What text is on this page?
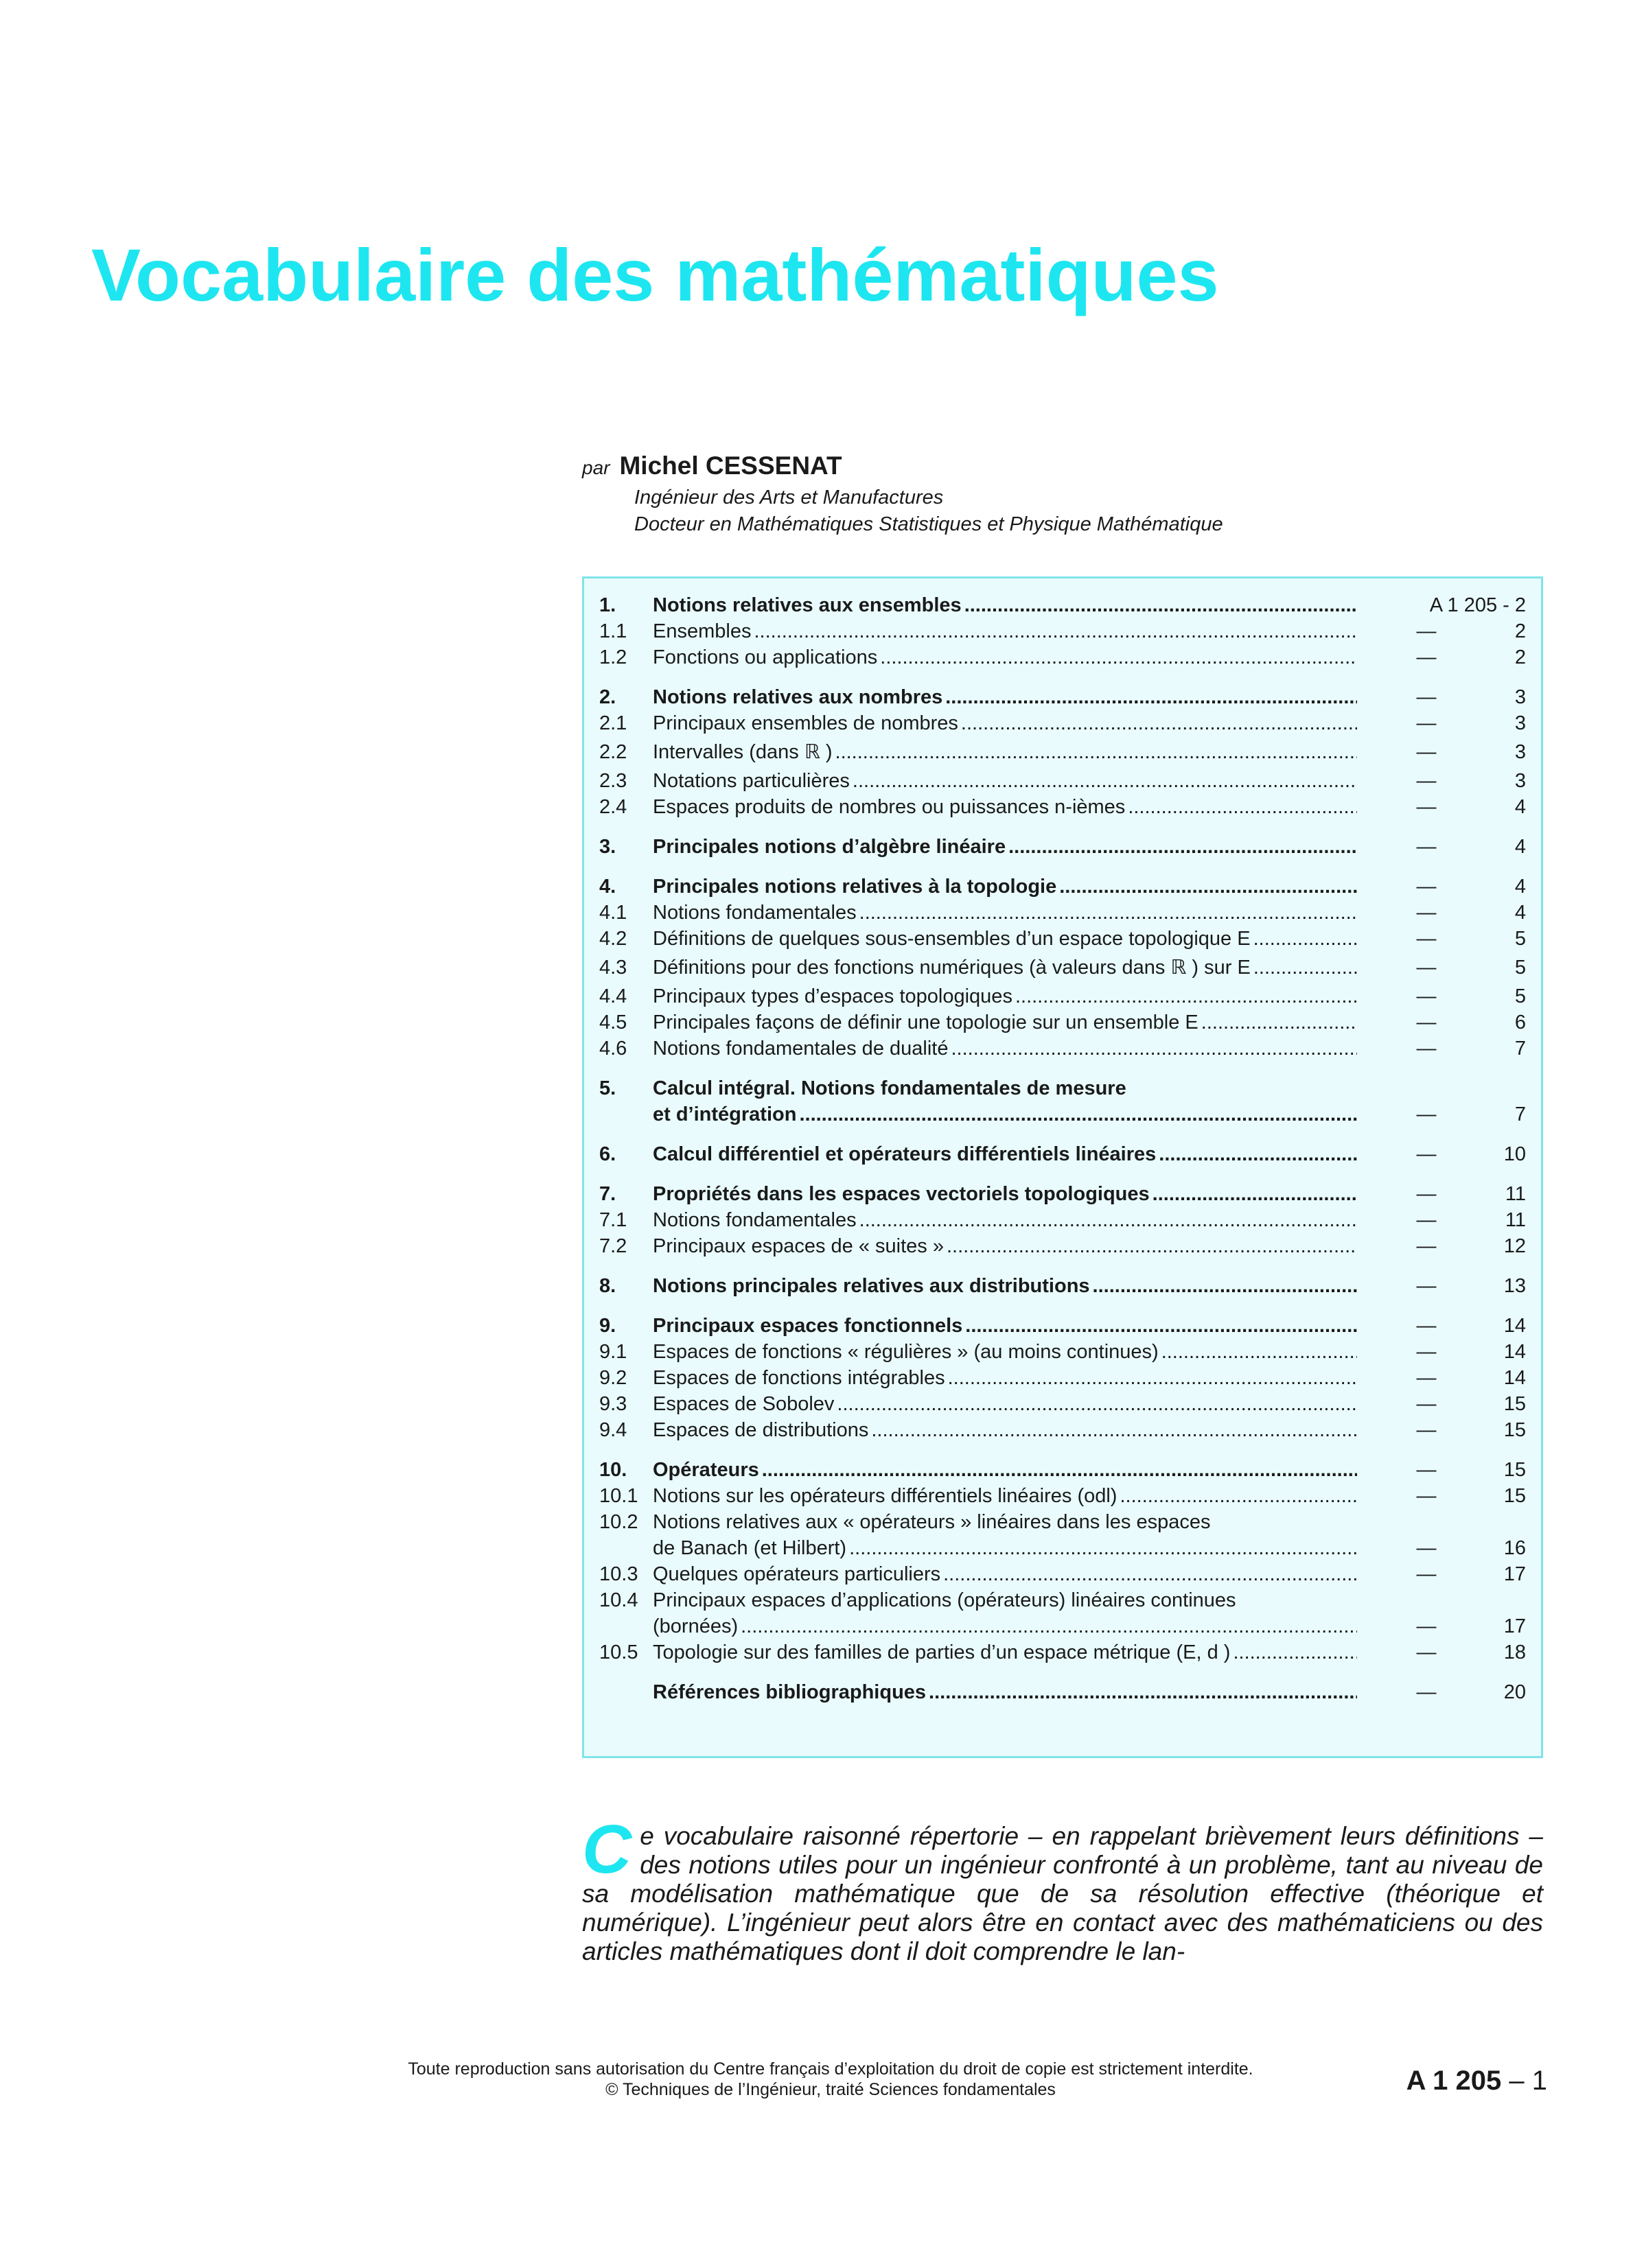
Vocabulaire des mathématiques
par Michel CESSENAT
Ingénieur des Arts et Manufactures
Docteur en Mathématiques Statistiques et Physique Mathématique
1.	Notions relatives aux ensembles .....	A 1 205 - 2
1.1	Ensembles .....	—	2
1.2	Fonctions ou applications .....	—	2
2.	Notions relatives aux nombres .....	—	3
2.1	Principaux ensembles de nombres .....	—	3
2.2	Intervalles (dans ℝ ) .....	—	3
2.3	Notations particulières .....	—	3
2.4	Espaces produits de nombres ou puissances n-ièmes .....	—	4
3.	Principales notions d’algèbre linéaire .....	—	4
4.	Principales notions relatives à la topologie .....	—	4
4.1	Notions fondamentales .....	—	4
4.2	Définitions de quelques sous-ensembles d’un espace topologique E .....	—	5
4.3	Définitions pour des fonctions numériques (à valeurs dans ℝ ) sur E .....	—	5
4.4	Principaux types d’espaces topologiques .....	—	5
4.5	Principales façons de définir une topologie sur un ensemble E .....	—	6
4.6	Notions fondamentales de dualité .....	—	7
5.	Calcul intégral. Notions fondamentales de mesure
et d’intégration .....	—	7
6.	Calcul différentiel et opérateurs différentiels linéaires .....	—	10
7.	Propriétés dans les espaces vectoriels topologiques .....	—	11
7.1	Notions fondamentales .....	—	11
7.2	Principaux espaces de « suites » .....	—	12
8.	Notions principales relatives aux distributions .....	—	13
9.	Principaux espaces fonctionnels .....	—	14
9.1	Espaces de fonctions « régulières » (au moins continues) .....	—	14
9.2	Espaces de fonctions intégrables .....	—	14
9.3	Espaces de Sobolev .....	—	15
9.4	Espaces de distributions .....	—	15
10.	Opérateurs .....	—	15
10.1 Notions sur les opérateurs différentiels linéaires (odl) .....	—	15
10.2 Notions relatives aux « opérateurs » linéaires dans les espaces
de Banach (et Hilbert) .....	—	16
10.3 Quelques opérateurs particuliers .....	—	17
10.4 Principaux espaces d’applications (opérateurs) linéaires continues
(bornées) .....	—	17
10.5 Topologie sur des familles de parties d’un espace métrique (E, d ) .....	—	18
Références bibliographiques .....	—	20
Ce vocabulaire raisonné répertorie – en rappelant brièvement leurs définitions – des notions utiles pour un ingénieur confronté à un problème, tant au niveau de sa modélisation mathématique que de sa résolution effective (théorique et numérique). L’ingénieur peut alors être en contact avec des mathématiciens ou des articles mathématiques dont il doit comprendre le lan-
Toute reproduction sans autorisation du Centre français d’exploitation du droit de copie est strictement interdite.
© Techniques de l’Ingénieur, traité Sciences fondamentales	A 1 205 – 1
